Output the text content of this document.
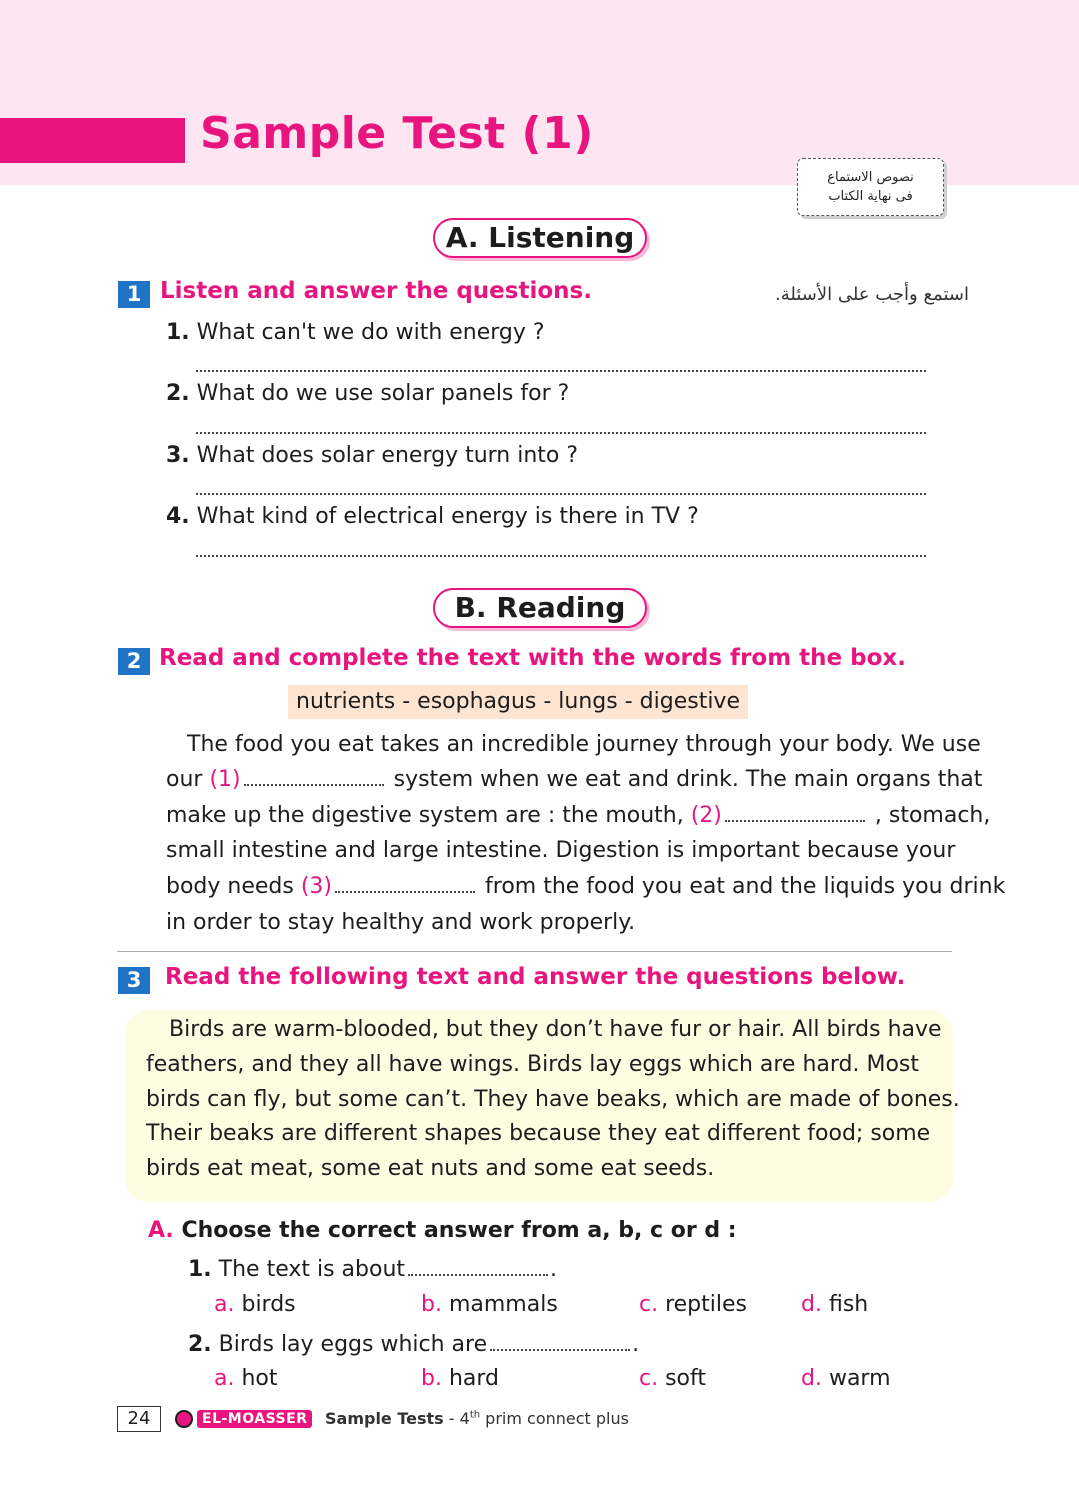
Sample Test (1)
نصوص الاستماع
فى نهاية الكتاب
A. Listening
1 Listen and answer the questions.	استمع وأجب على الأسئلة.
1. What can't we do with energy ?
2. What do we use solar panels for ?
3. What does solar energy turn into ?
4. What kind of electrical energy is there in TV ?
B. Reading
2 Read and complete the text with the words from the box.
nutrients - esophagus - lungs - digestive
The food you eat takes an incredible journey through your body. We use
our (1)	system when we eat and drink. The main organs that
make up the digestive system are : the mouth, (2)	, stomach,
small intestine and large intestine. Digestion is important because your
body needs (3)	from the food you eat and the liquids you drink
in order to stay healthy and work properly.
3	Read the following text and answer the questions below.
Birds are warm-blooded, but they don’t have fur or hair. All birds have
feathers, and they all have wings. Birds lay eggs which are hard. Most
birds can fly, but some can’t. They have beaks, which are made of bones.
Their beaks are different shapes because they eat different food; some
birds eat meat, some eat nuts and some eat seeds.
A. Choose the correct answer from a, b, c or d :
1. The text is about	.
a. birds	b. mammals	c. reptiles d. fish
2. Birds lay eggs which are	.
a. hot	b. hard	c. soft	d. warm
24	EL-MOASSER	Sample Tests - 4th prim connect plus
